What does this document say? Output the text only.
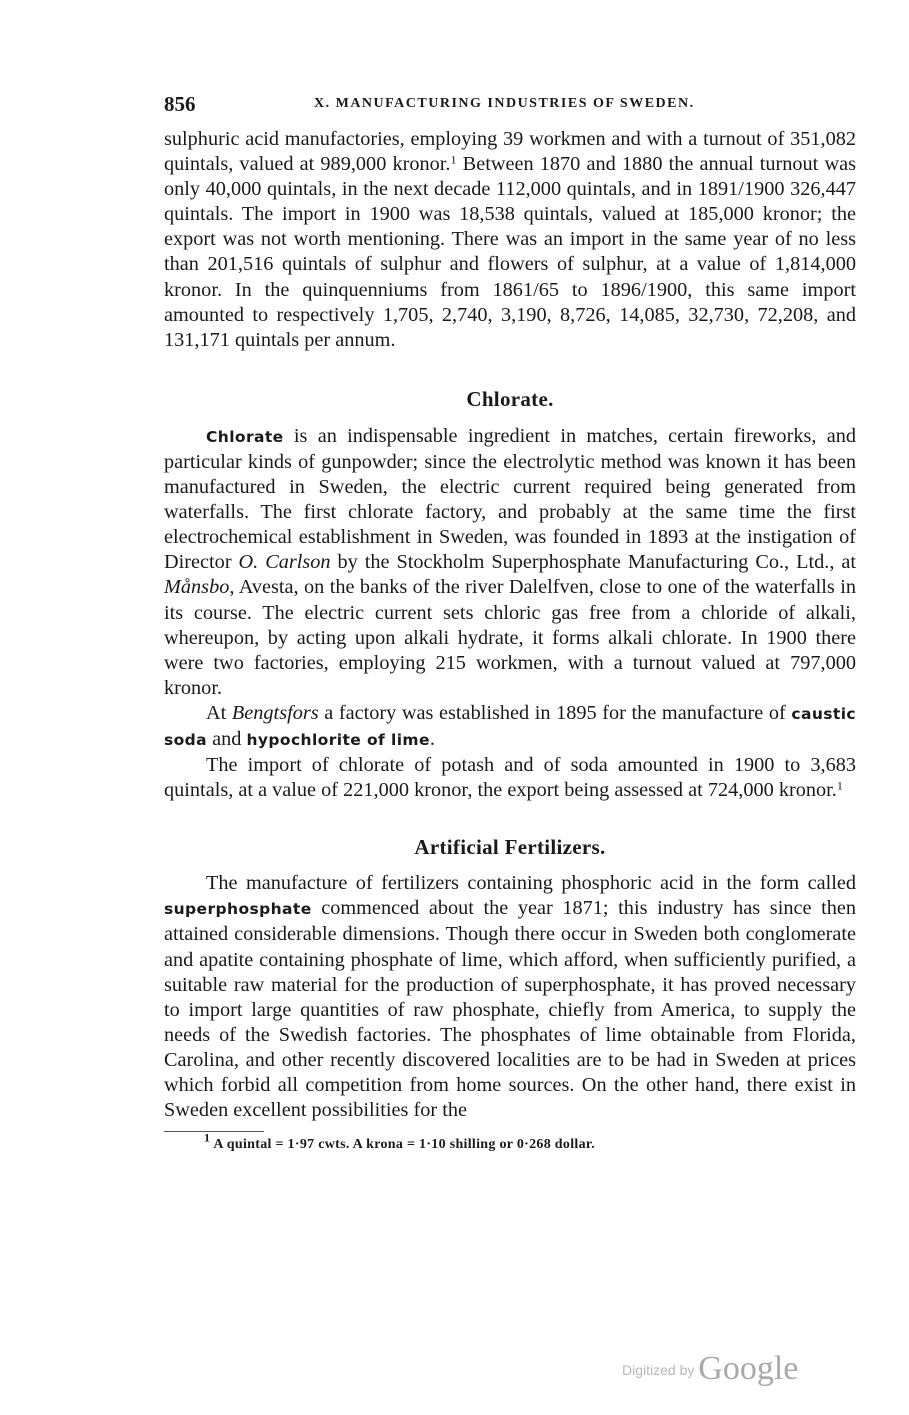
856	X. MANUFACTURING INDUSTRIES OF SWEDEN.

sulphuric acid manufactories, employing 39 workmen and with a turnout of 351,082 quintals, valued at 989,000 kronor.$^1$ Between 1870 and 1880 the annual turnout was only 40,000 quintals, in the next decade 112,000 quintals, and in 1891/1900 326,447 quintals. The import in 1900 was 18,538 quintals, valued at 185,000 kronor; the export was not worth mentioning. There was an import in the same year of no less than 201,516 quintals of sulphur and flowers of sulphur, at a value of 1,814,000 kronor. In the quinquenniums from 1861/65 to 1896/1900, this same import amounted to respectively 1,705, 2,740, 3,190, 8,726, 14,085, 32,730, 72,208, and 131,171 quintals per annum.

Chlorate.

Chlorate is an indispensable ingredient in matches, certain fireworks, and particular kinds of gunpowder; since the electrolytic method was known it has been manufactured in Sweden, the electric current required being generated from waterfalls. The first chlorate factory, and probably at the same time the first electrochemical establishment in Sweden, was founded in 1893 at the instigation of Director O. Carlson by the Stockholm Superphosphate Manufacturing Co., Ltd., at Månsbo, Avesta, on the banks of the river Dalelfven, close to one of the waterfalls in its course. The electric current sets chloric gas free from a chloride of alkali, whereupon, by acting upon alkali hydrate, it forms alkali chlorate. In 1900 there were two factories, employing 215 workmen, with a turnout valued at 797,000 kronor.

At Bengtsfors a factory was established in 1895 for the manufacture of caustic soda and hypochlorite of lime.

The import of chlorate of potash and of soda amounted in 1900 to 3,683 quintals, at a value of 221,000 kronor, the export being assessed at 724,000 kronor.$^1$

Artificial Fertilizers.

The manufacture of fertilizers containing phosphoric acid in the form called superphosphate commenced about the year 1871; this industry has since then attained considerable dimensions. Though there occur in Sweden both conglomerate and apatite containing phosphate of lime, which afford, when sufficiently purified, a suitable raw material for the production of superphosphate, it has proved necessary to import large quantities of raw phosphate, chiefly from America, to supply the needs of the Swedish factories. The phosphates of lime obtainable from Florida, Carolina, and other recently discovered localities are to be had in Sweden at prices which forbid all competition from home sources. On the other hand, there exist in Sweden excellent possibilities for the

$^1$ A quintal = 1·97 cwts. A krona = 1·10 shilling or 0·268 dollar.
Digitized by Google
